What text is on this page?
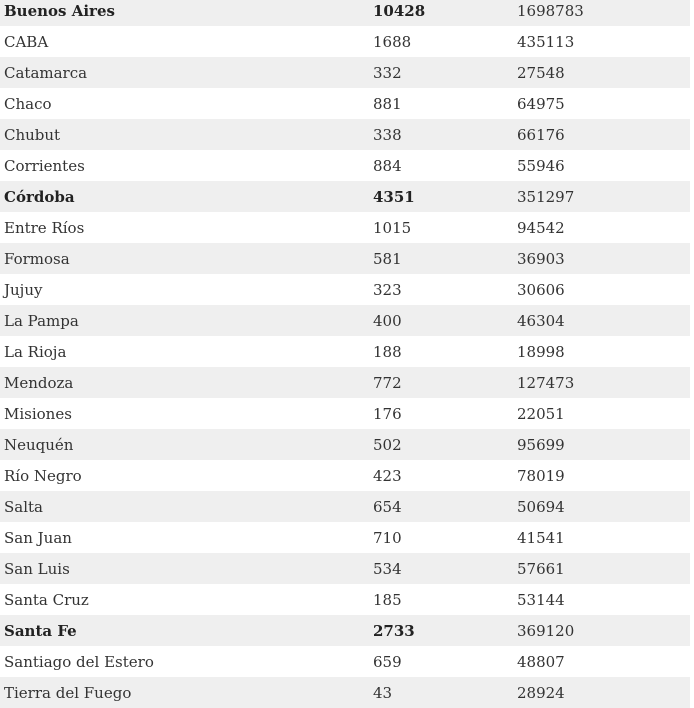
Buenos Aires	10428	1698783
CABA	1688	435113
Catamarca	332	27548
Chaco	881	64975
Chubut	338	66176
Corrientes	884	55946
Córdoba	4351	351297
Entre Ríos	1015	94542
Formosa	581	36903
Jujuy	323	30606
La Pampa	400	46304
La Rioja	188	18998
Mendoza	772	127473
Misiones	176	22051
Neuquén	502	95699
Río Negro	423	78019
Salta	654	50694
San Juan	710	41541
San Luis	534	57661
Santa Cruz	185	53144
Santa Fe	2733	369120
Santiago del Estero	659	48807
Tierra del Fuego	43	28924
